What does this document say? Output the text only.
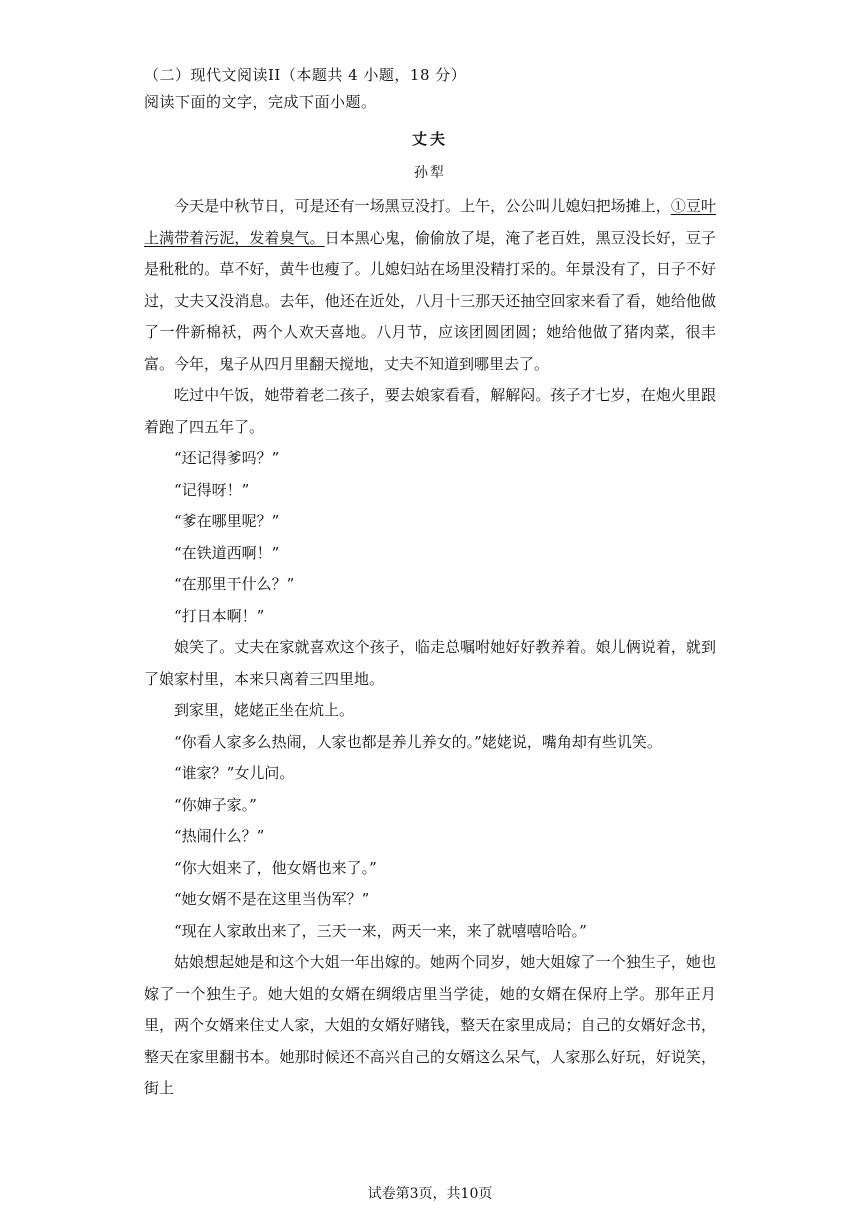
（二）现代文阅读II（本题共 4 小题，18 分）
阅读下面的文字，完成下面小题。
丈夫
孙犁

今天是中秋节日，可是还有一场黑豆没打。上午，公公叫儿媳妇把场摊上，①豆叶上满带着污泥，发着臭气。日本黑心鬼，偷偷放了堤，淹了老百姓，黑豆没长好，豆子是秕秕的。草不好，黄牛也瘦了。儿媳妇站在场里没精打采的。年景没有了，日子不好过，丈夫又没消息。去年，他还在近处，八月十三那天还抽空回家来看了看，她给他做了一件新棉袄，两个人欢天喜地。八月节，应该团圆团圆；她给他做了猪肉菜，很丰富。今年，鬼子从四月里翻天搅地，丈夫不知道到哪里去了。

吃过中午饭，她带着老二孩子，要去娘家看看，解解闷。孩子才七岁，在炮火里跟着跑了四五年了。

“还记得爹吗？”

“记得呀！”

“爹在哪里呢？”

“在铁道西啊！”

“在那里干什么？”

“打日本啊！”

娘笑了。丈夫在家就喜欢这个孩子，临走总嘱咐她好好教养着。娘儿俩说着，就到了娘家村里，本来只离着三四里地。

到家里，姥姥正坐在炕上。

“你看人家多么热闹，人家也都是养儿养女的。”姥姥说，嘴角却有些讥笑。

“谁家？”女儿问。

“你婶子家。”

“热闹什么？”

“你大姐来了，他女婿也来了。”

“她女婿不是在这里当伪军？”

“现在人家敢出来了，三天一来，两天一来，来了就嘻嘻哈哈。”

姑娘想起她是和这个大姐一年出嫁的。她两个同岁，她大姐嫁了一个独生子，她也嫁了一个独生子。她大姐的女婿在绸缎店里当学徒，她的女婿在保府上学。那年正月里，两个女婿来住丈人家，大姐的女婿好赌钱，整天在家里成局；自己的女婿好念书，整天在家里翻书本。她那时候还不高兴自己的女婿这么呆气，人家那么好玩，好说笑，街上

试卷第3页，共10页
